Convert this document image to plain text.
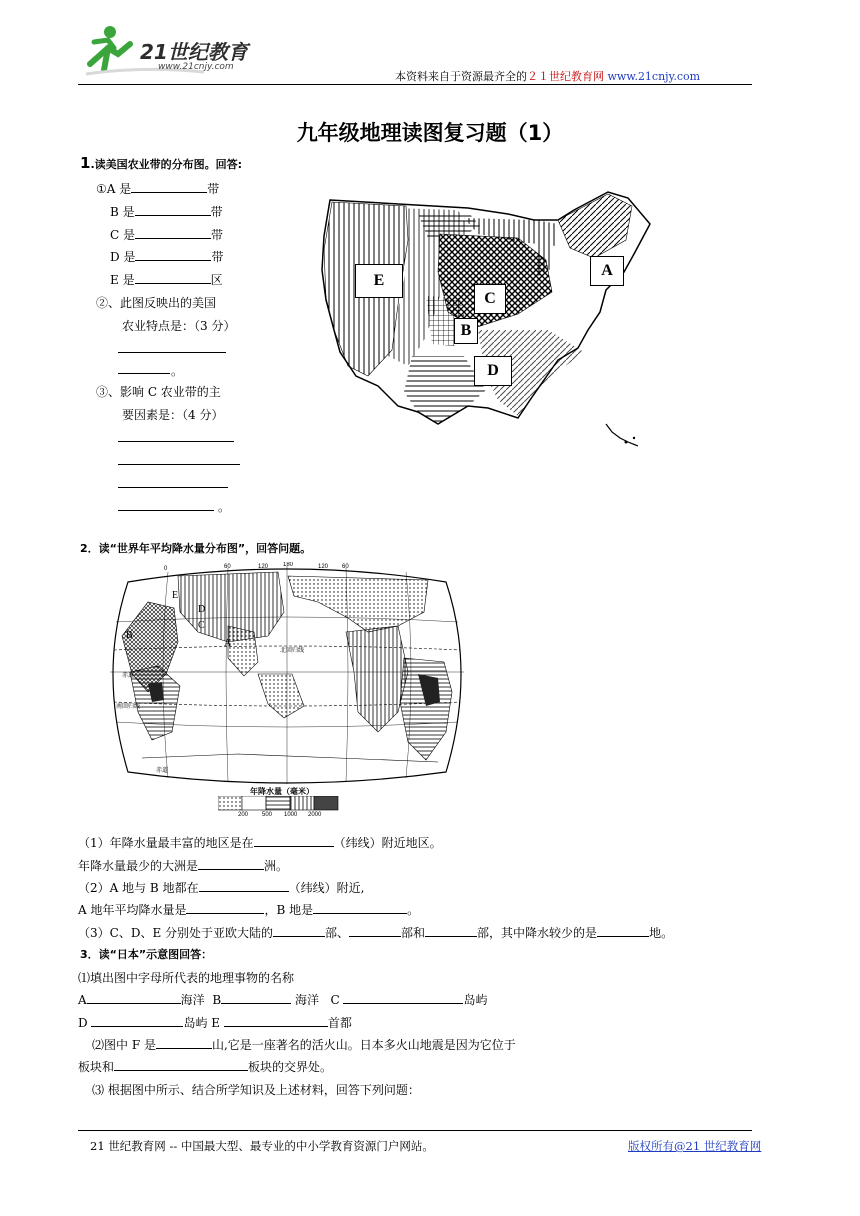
21世纪教育
www.21cnjy.com
本资料来自于资源最齐全的２１世纪教育网 www.21cnjy.com
九年级地理读图复习题（1）
1.读美国农业带的分布图。回答:
①A 是	带
B 是	带
C 是	带
D 是	带
E 是	区
②、此图反映出的美国
农业特点是：（3 分）
。
③、影响 C 农业带的主
要因素是：（4 分）
。
E
C
A
B
D
2．读“世界年平均降水量分布图”，回答问题。
赤道
南回归线
赤道
北回归线
0	60	120 180	120 60
B
D
E
A
C
年降水量（毫米）
200 500 1000 2000
（1）年降水量最丰富的地区是在	（纬线）附近地区。
年降水量最少的大洲是	洲。
（2）A 地与 B 地都在	（纬线）附近,
A 地年平均降水量是	，B 地是	。
（3）C、D、E 分别处于亚欧大陆的	部、	部和	部，其中降水较少的是	地。
3．读“日本”示意图回答：
⑴填出图中字母所代表的地理事物的名称
A	海洋 B	海洋 C	岛屿
D	岛屿 E	首都
⑵图中 F 是	山,它是一座著名的活火山。日本多火山地震是因为它位于
板块和	板块的交界处。
⑶ 根据图中所示、结合所学知识及上述材料，回答下列问题：
21 世纪教育网 -- 中国最大型、最专业的中小学教育资源门户网站。	版权所有@21 世纪教育网
